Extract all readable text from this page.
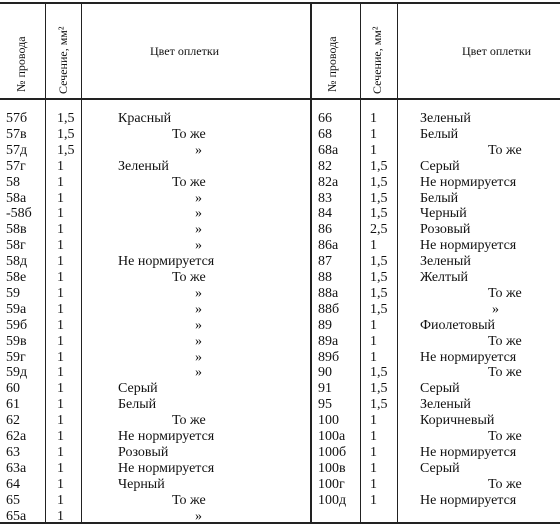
№ провода Сечение, мм²	Цвет оплетки	№ провода	Сечение, мм²	Цвет оплетки
57б 1,5	Красный
57в 1,5	То же
57д 1,5	»
57г 1	Зеленый
58	1	То же
58а 1	»
-58б 1	»
58в 1	»
58г 1	»
58д 1	Не нормируется
58е 1	То же
59	1	»
59а 1	»
59б 1	»
59в 1	»
59г 1	»
59д 1	»
60	1	Серый
61	1	Белый
62	1	То же
62а 1	Не нормируется
63	1	Розовый
63а 1	Не нормируется
64	1	Черный
65	1	То же
65а 1	»
66	1	Зеленый
68	1	Белый
68а 1	То же
82	1,5 Серый
82а 1,5 Не нормируется
83	1,5 Белый
84	1,5 Черный
86	2,5 Розовый
86а 1	Не нормируется
87	1,5 Зеленый
88	1,5 Желтый
88а 1,5	То же
88б 1,5	»
89	1	Фиолетовый
89а 1	То же
89б 1	Не нормируется
90	1,5	То же
91	1,5 Серый
95	1,5 Зеленый
100 1	Коричневый
100а 1	То же
100б 1	Не нормируется
100в 1	Серый
100г 1	То же
100д 1	Не нормируется
